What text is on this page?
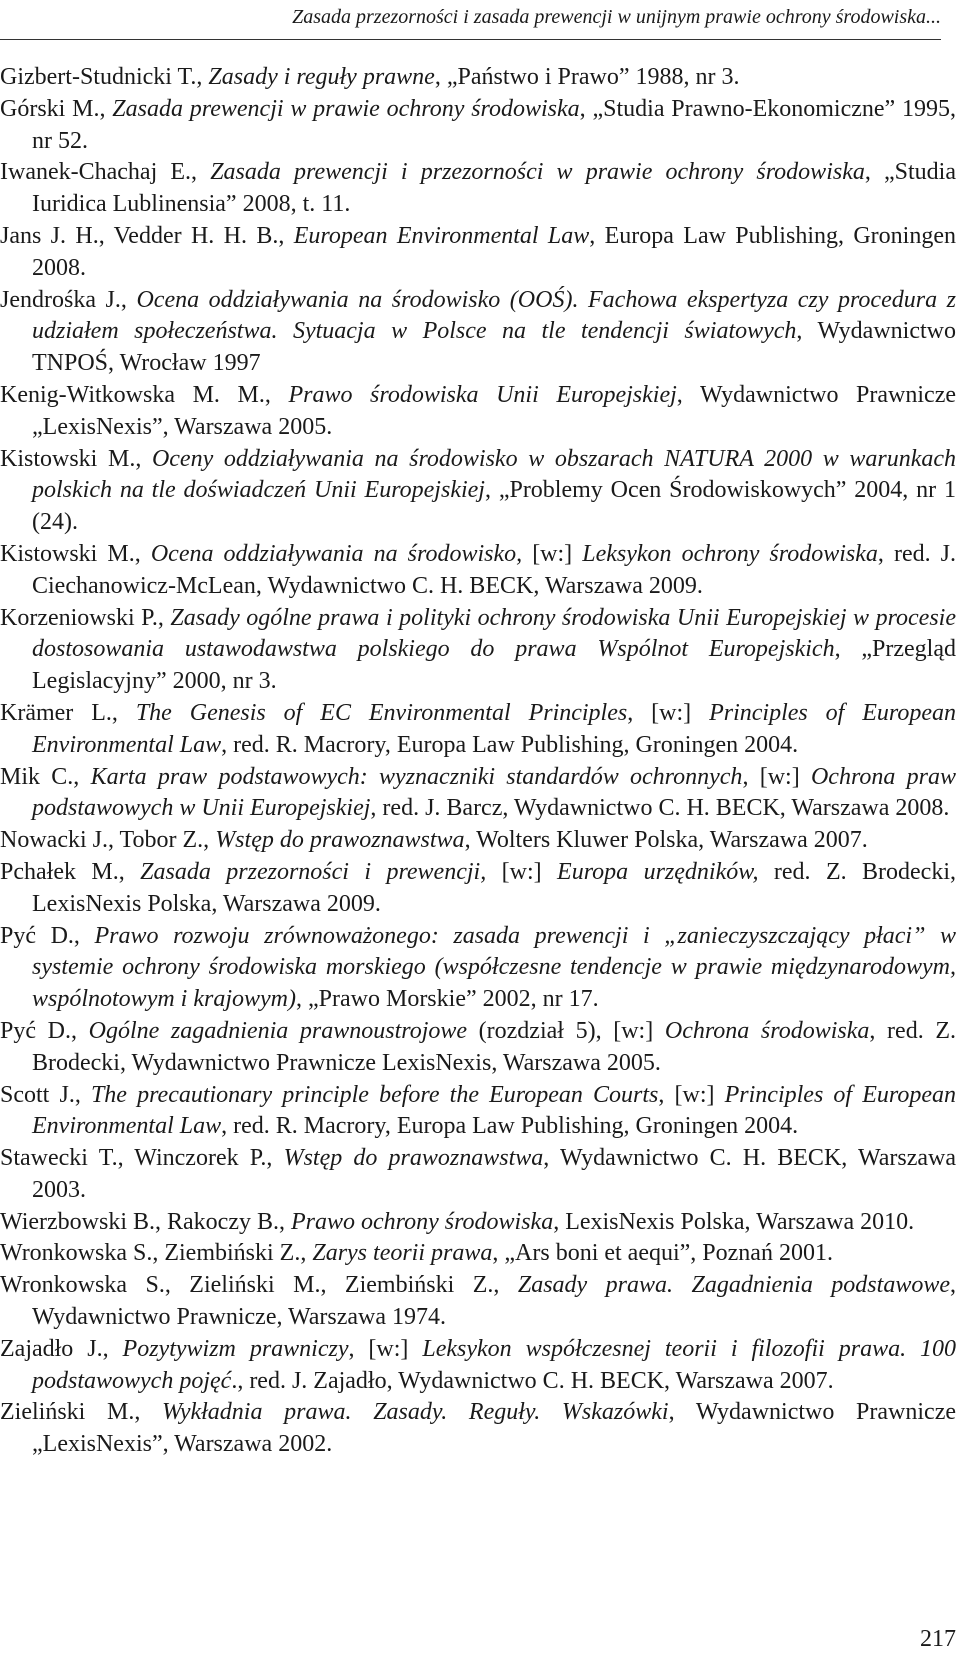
Zasada przezorności i zasada prewencji w unijnym prawie ochrony środowiska...
Gizbert-Studnicki T., Zasady i reguły prawne, „Państwo i Prawo” 1988, nr 3.
Górski M., Zasada prewencji w prawie ochrony środowiska, „Studia Prawno-Ekonomiczne” 1995, nr 52.
Iwanek-Chachaj E., Zasada prewencji i przezorności w prawie ochrony środowiska, „Studia Iuridica Lublinensia” 2008, t. 11.
Jans J. H., Vedder H. H. B., European Environmental Law, Europa Law Publishing, Groningen 2008.
Jendrośka J., Ocena oddziaływania na środowisko (OOŚ). Fachowa ekspertyza czy procedura z udziałem społeczeństwa. Sytuacja w Polsce na tle tendencji światowych, Wydawnictwo TNPOŚ, Wrocław 1997
Kenig-Witkowska M. M., Prawo środowiska Unii Europejskiej, Wydawnictwo Prawnicze „LexisNexis”, Warszawa 2005.
Kistowski M., Oceny oddziaływania na środowisko w obszarach NATURA 2000 w warunkach polskich na tle doświadczeń Unii Europejskiej, „Problemy Ocen Środowiskowych” 2004, nr 1 (24).
Kistowski M., Ocena oddziaływania na środowisko, [w:] Leksykon ochrony środowiska, red. J. Ciechanowicz-McLean, Wydawnictwo C. H. BECK, Warszawa 2009.
Korzeniowski P., Zasady ogólne prawa i polityki ochrony środowiska Unii Europejskiej w procesie dostosowania ustawodawstwa polskiego do prawa Wspólnot Europejskich, „Przegląd Legislacyjny” 2000, nr 3.
Krämer L., The Genesis of EC Environmental Principles, [w:] Principles of European Environmental Law, red. R. Macrory, Europa Law Publishing, Groningen 2004.
Mik C., Karta praw podstawowych: wyznaczniki standardów ochronnych, [w:] Ochrona praw podstawowych w Unii Europejskiej, red. J. Barcz, Wydawnictwo C. H. BECK, Warszawa 2008.
Nowacki J., Tobor Z., Wstęp do prawoznawstwa, Wolters Kluwer Polska, Warszawa 2007.
Pchałek M., Zasada przezorności i prewencji, [w:] Europa urzędników, red. Z. Brodecki, LexisNexis Polska, Warszawa 2009.
Pyć D., Prawo rozwoju zrównoważonego: zasada prewencji i „zanieczyszczający płaci” w systemie ochrony środowiska morskiego (współczesne tendencje w prawie międzynarodowym, wspólnotowym i krajowym), „Prawo Morskie” 2002, nr 17.
Pyć D., Ogólne zagadnienia prawnoustrojowe (rozdział 5), [w:] Ochrona środowiska, red. Z. Brodecki, Wydawnictwo Prawnicze LexisNexis, Warszawa 2005.
Scott J., The precautionary principle before the European Courts, [w:] Principles of European Environmental Law, red. R. Macrory, Europa Law Publishing, Groningen 2004.
Stawecki T., Winczorek P., Wstęp do prawoznawstwa, Wydawnictwo C. H. BECK, Warszawa 2003.
Wierzbowski B., Rakoczy B., Prawo ochrony środowiska, LexisNexis Polska, Warszawa 2010.
Wronkowska S., Ziembiński Z., Zarys teorii prawa, „Ars boni et aequi”, Poznań 2001.
Wronkowska S., Zieliński M., Ziembiński Z., Zasady prawa. Zagadnienia podstawowe, Wydawnictwo Prawnicze, Warszawa 1974.
Zajadło J., Pozytywizm prawniczy, [w:] Leksykon współczesnej teorii i filozofii prawa. 100 podstawowych pojęć., red. J. Zajadło, Wydawnictwo C. H. BECK, Warszawa 2007.
Zieliński M., Wykładnia prawa. Zasady. Reguły. Wskazówki, Wydawnictwo Prawnicze „LexisNexis”, Warszawa 2002.
217
